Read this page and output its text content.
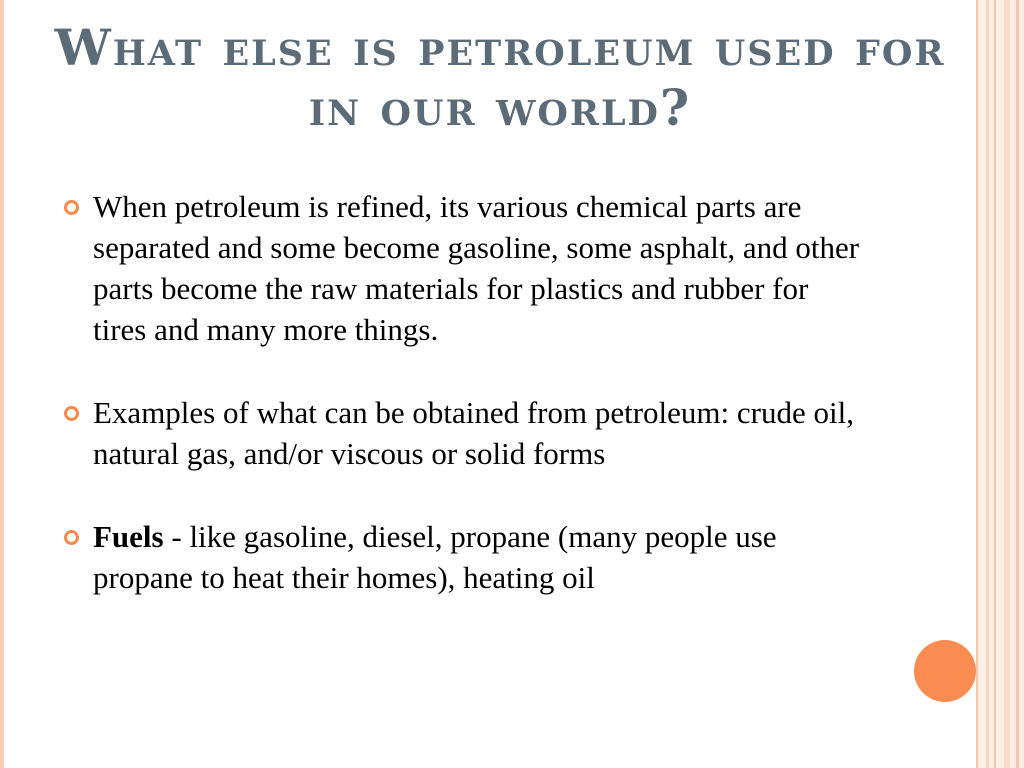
What else is petroleum used for in our world?
When petroleum is refined, its various chemical parts are separated and some become gasoline, some asphalt, and other parts become the raw materials for plastics and rubber for tires and many more things.
Examples of what can be obtained from petroleum: crude oil, natural gas, and/or viscous or solid forms
Fuels - like gasoline, diesel, propane (many people use propane to heat their homes), heating oil
